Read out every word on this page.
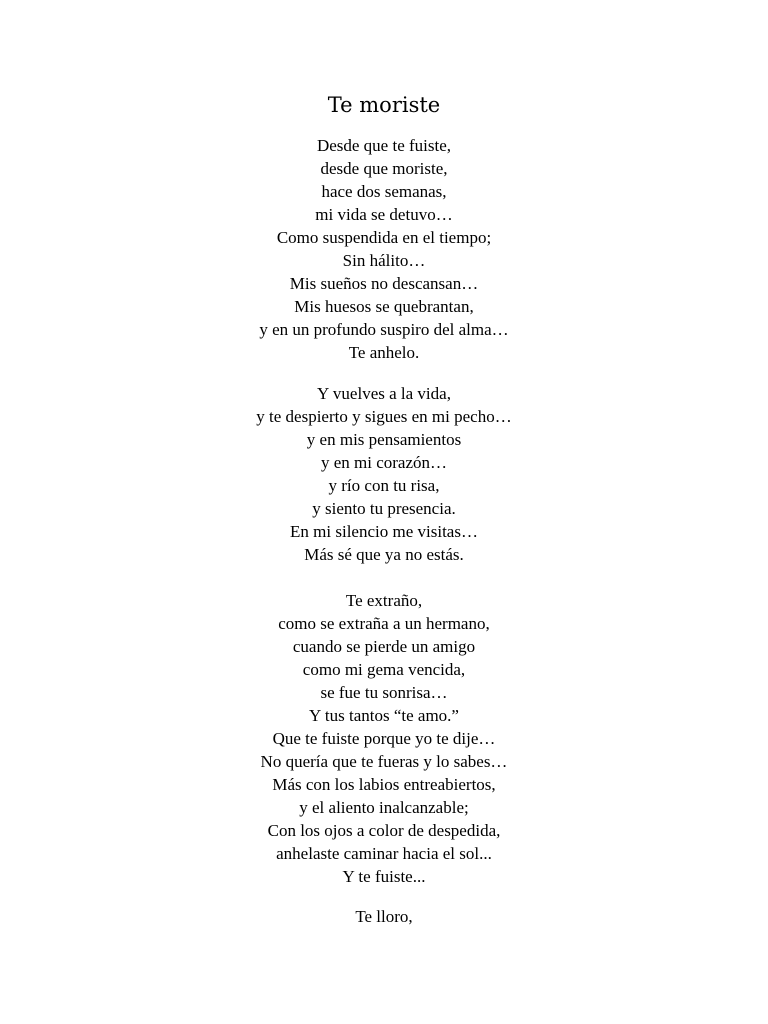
Te moriste
Desde que te fuiste,
desde que moriste,
hace dos semanas,
mi vida se detuvo…
Como suspendida en el tiempo;
Sin hálito…
Mis sueños no descansan…
Mis huesos se quebrantan,
y en un profundo suspiro del alma…
Te anhelo.
Y vuelves a la vida,
y te despierto y sigues en mi pecho…
y en mis pensamientos
y en mi corazón…
y río con tu risa,
y siento tu presencia.
En mi silencio me visitas…
Más sé que ya no estás.
Te extraño,
como se extraña a un hermano,
cuando se pierde un amigo
como mi gema vencida,
se fue tu sonrisa…
Y tus tantos “te amo.”
Que te fuiste porque yo te dije…
No quería que te fueras y lo sabes…
Más con los labios entreabiertos,
y el aliento inalcanzable;
Con los ojos a color de despedida,
anhelaste caminar hacia el sol...
Y te fuiste...
Te lloro,
